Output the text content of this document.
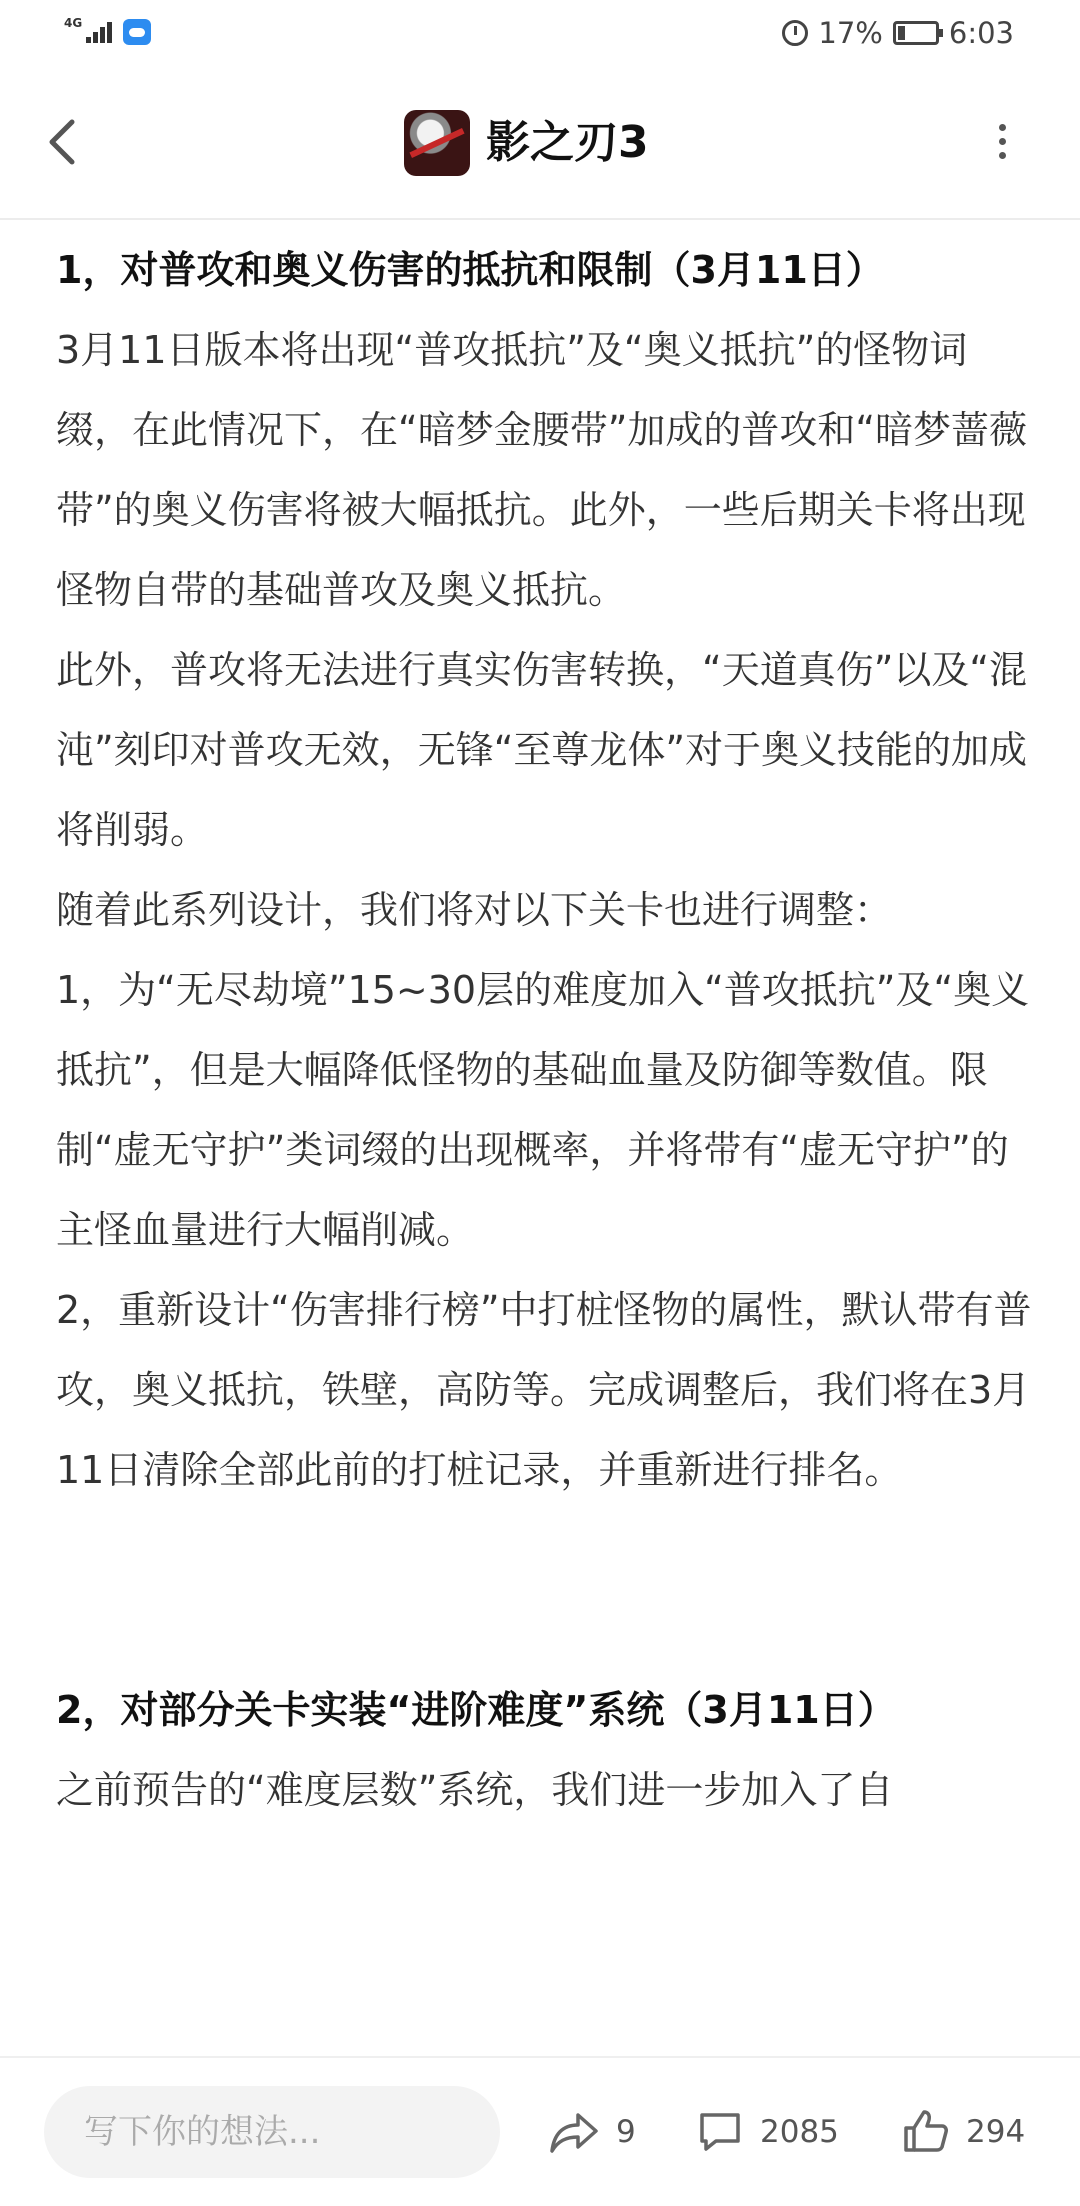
4G	17% 6:03
影之刃3

1，对普攻和奥义伤害的抵抗和限制（3月11日）

3月11日版本将出现“普攻抵抗”及“奥义抵抗”的怪物词缀，在此情况下，在“暗梦金腰带”加成的普攻和“暗梦蔷薇带”的奥义伤害将被大幅抵抗。此外，一些后期关卡将出现怪物自带的基础普攻及奥义抵抗。

此外，普攻将无法进行真实伤害转换，“天道真伤”以及“混沌”刻印对普攻无效，无锋“至尊龙体”对于奥义技能的加成将削弱。

随着此系列设计，我们将对以下关卡也进行调整：

1，为“无尽劫境”15~30层的难度加入“普攻抵抗”及“奥义抵抗”，但是大幅降低怪物的基础血量及防御等数值。限制“虚无守护”类词缀的出现概率，并将带有“虚无守护”的主怪血量进行大幅削减。

2，重新设计“伤害排行榜”中打桩怪物的属性，默认带有普攻，奥义抵抗，铁壁，高防等。完成调整后，我们将在3月11日清除全部此前的打桩记录，并重新进行排名。

2，对部分关卡实装“进阶难度”系统（3月11日）

之前预告的“难度层数”系统，我们进一步加入了自

写下你的想法...
9	2085	294
